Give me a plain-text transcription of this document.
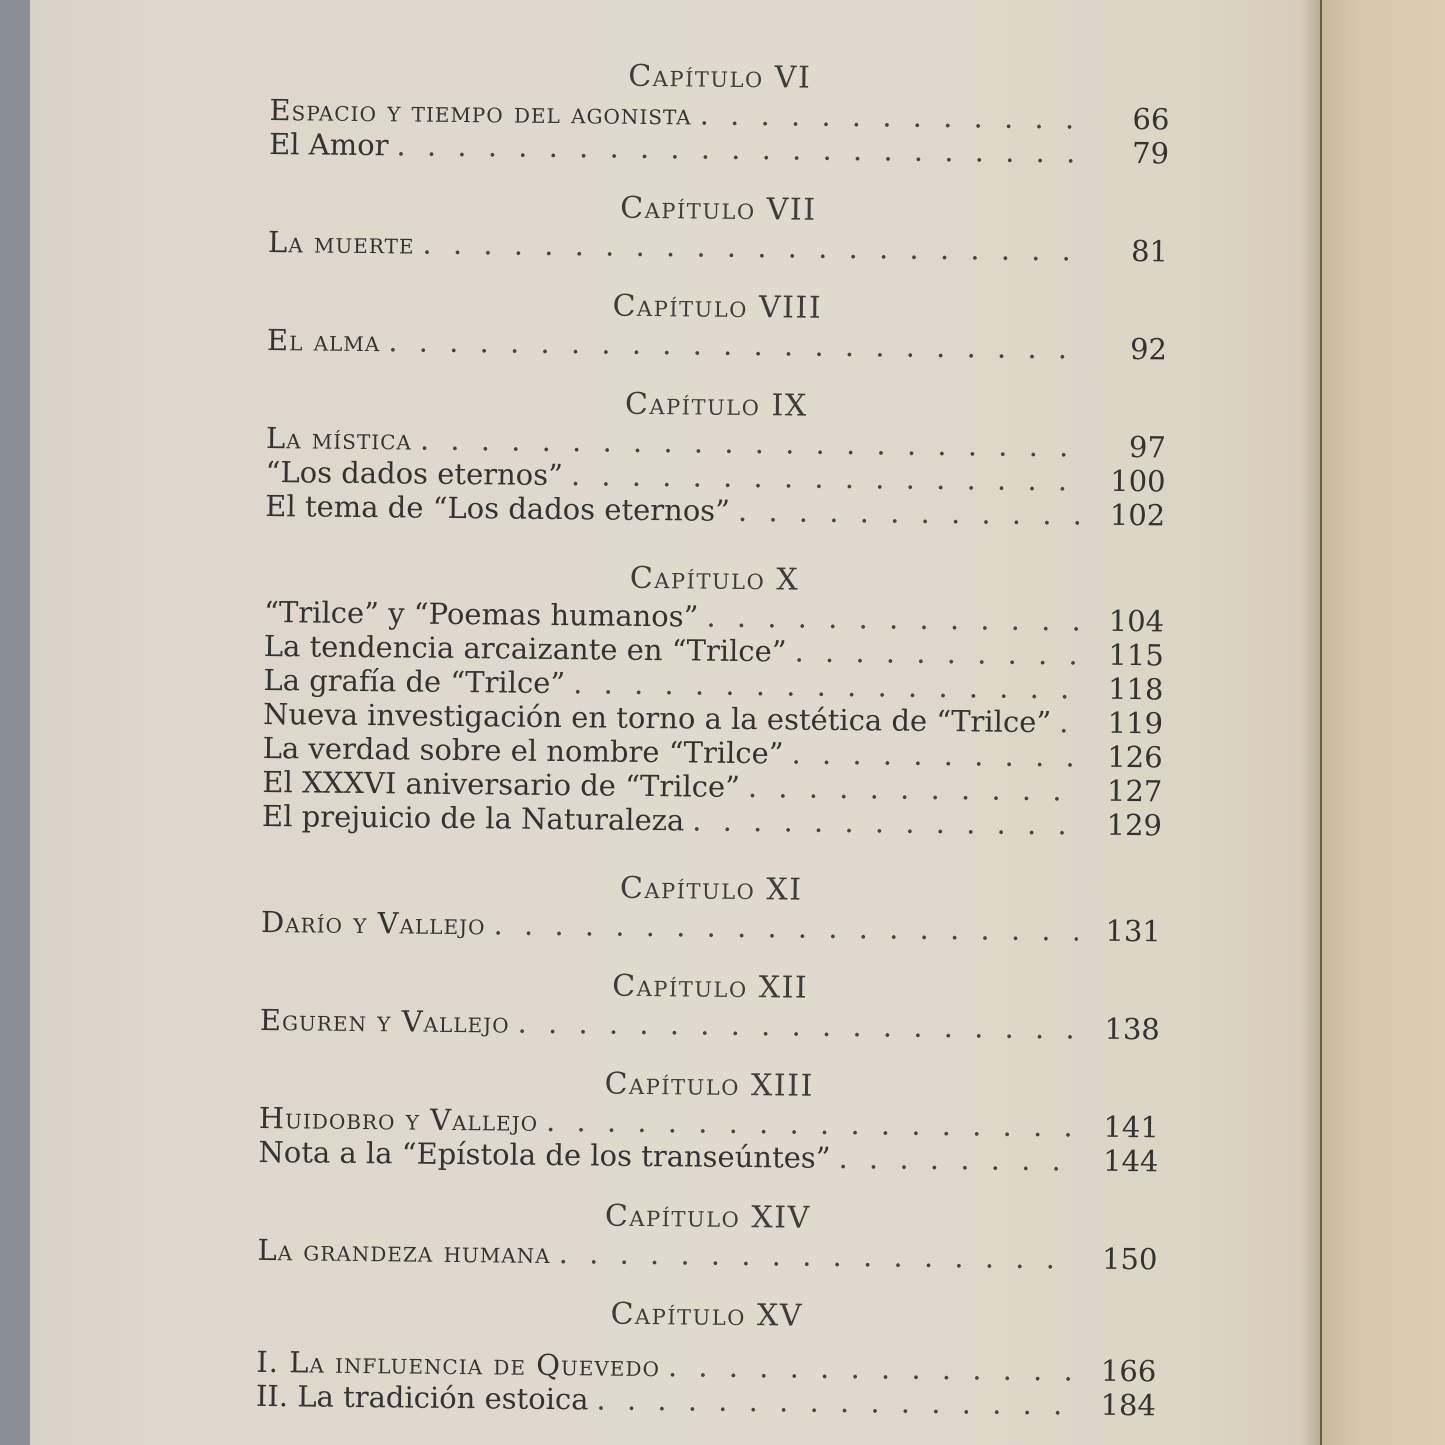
Capítulo VI
Espacio y tiempo del agonista . . .	66
El Amor . . .	79
Capítulo VII
La muerte . . .	81
Capítulo VIII
El alma . . .	92
Capítulo IX
La mística . . .	97
“Los dados eternos” . . .	100
El tema de “Los dados eternos” . . .	102
Capítulo X
“Trilce” y “Poemas humanos” . . .	104
La tendencia arcaizante en “Trilce” . . .	115
La grafía de “Trilce” . . .	118
Nueva investigación en torno a la estética de “Trilce” . . .	119
La verdad sobre el nombre “Trilce” . . .	126
El XXXVI aniversario de “Trilce” . . .	127
El prejuicio de la Naturaleza . . .	129
Capítulo XI
Darío y Vallejo . . .	131
Capítulo XII
Eguren y Vallejo . . .	138
Capítulo XIII
Huidobro y Vallejo . . .	141
Nota a la “Epístola de los transeúntes” . . .	144
Capítulo XIV
La grandeza humana . . .	150
Capítulo XV
I. La influencia de Quevedo . . .	166
II. La tradición estoica . . .	184
